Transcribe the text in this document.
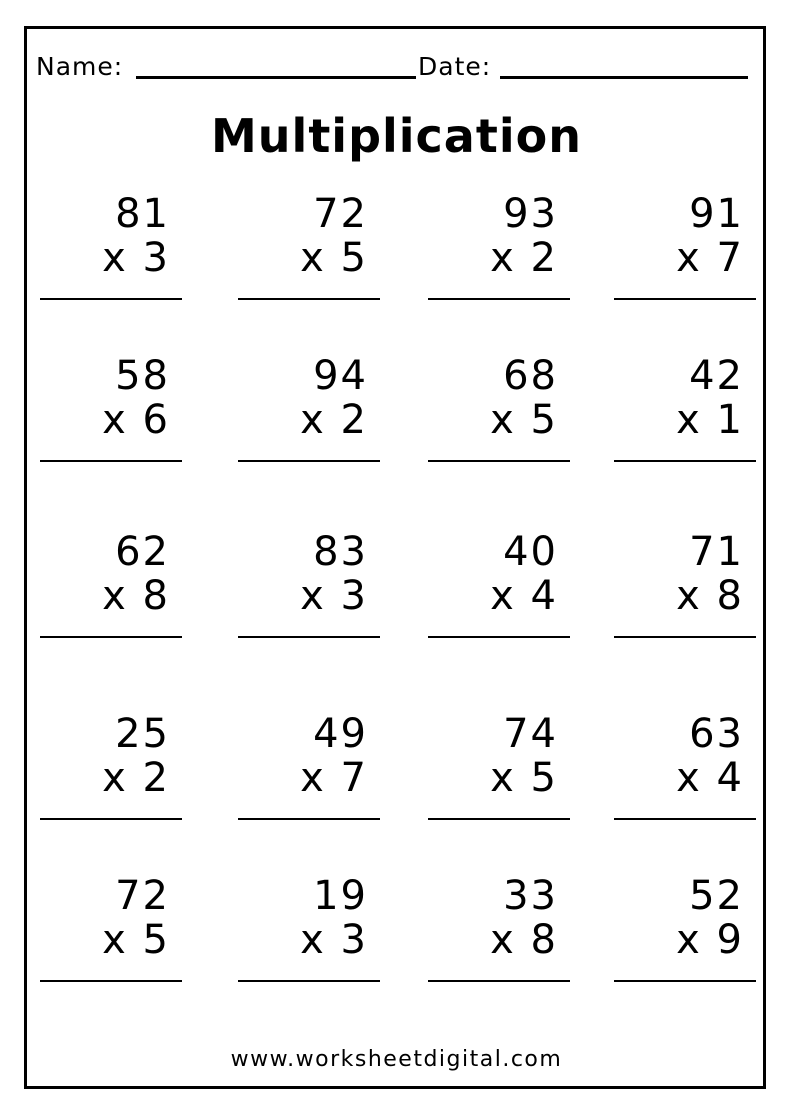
Name:	Date:
Multiplication
81
x 3
72
x 5
93
x 2
91
x 7
58
x 6
94
x 2
68
x 5
42
x 1
62
x 8
83
x 3
40
x 4
71
x 8
25
x 2
49
x 7
74
x 5
63
x 4
72
x 5
19
x 3
33
x 8
52
x 9
www.worksheetdigital.com
